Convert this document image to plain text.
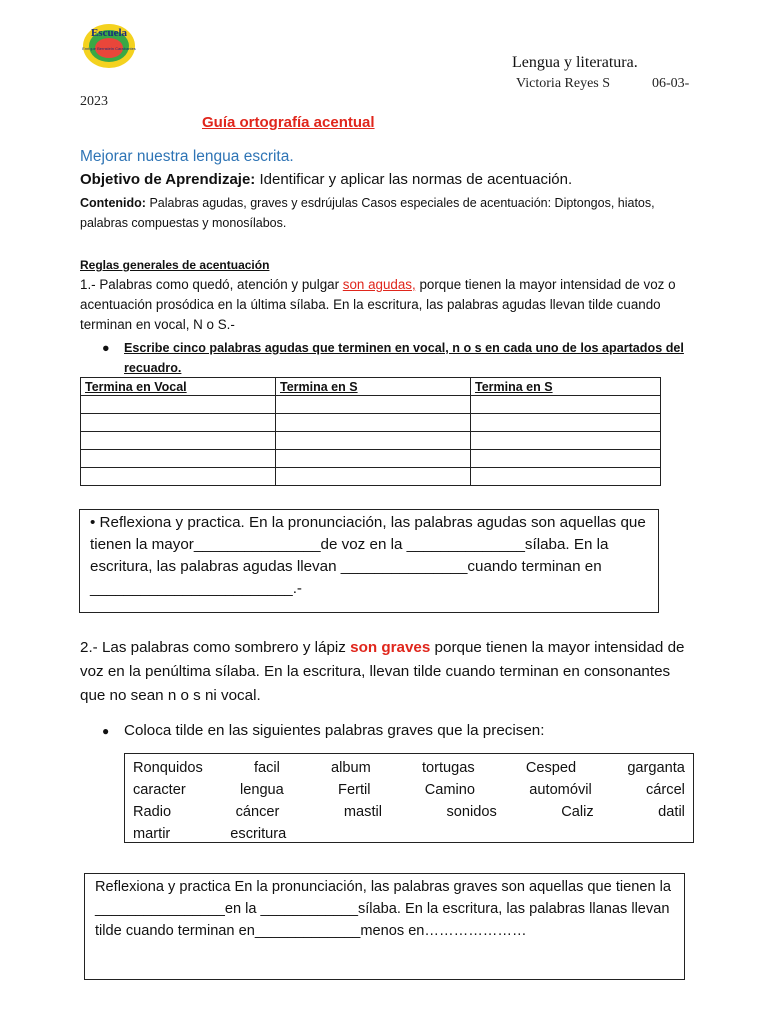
Escuela
Enrique Bernstein Carabantes
Lengua y literatura.
Victoria Reyes S	06-03-
2023
Guía ortografía acentual
Mejorar nuestra lengua escrita.
Objetivo de Aprendizaje: Identificar y aplicar las normas de acentuación.
Contenido: Palabras agudas, graves y esdrújulas Casos especiales de acentuación: Diptongos, hiatos, palabras compuestas y monosílabos.
Reglas generales de acentuación
1.- Palabras como quedó, atención y pulgar son agudas, porque tienen la mayor intensidad de voz o acentuación prosódica en la última sílaba. En la escritura, las palabras agudas llevan tilde cuando terminan en vocal, N o S.-
●	Escribe cinco palabras agudas que terminen en vocal, n o s en cada uno de los apartados del recuadro.
Termina en Vocal	Termina en S	Termina en S

• Reflexiona y practica. En la pronunciación, las palabras agudas son aquellas que tienen la mayor_______________de voz en la ______________sílaba. En la escritura, las palabras agudas llevan _______________cuando terminan en ________________________.-
2.- Las palabras como sombrero y lápiz son graves porque tienen la mayor intensidad de voz en la penúltima sílaba. En la escritura, llevan tilde cuando terminan en consonantes que no sean n o s ni vocal.
● Coloca tilde en las siguientes palabras graves que la precisen:
Ronquidos	facil	album	tortugas	Cesped	garganta
caracter	lengua	Fertil	Camino	automóvil	cárcel
Radio	cáncer	mastil	sonidos	Caliz	datil
martir	escritura
Reflexiona y practica En la pronunciación, las palabras graves son aquellas que tienen la ________________en la ____________sílaba. En la escritura, las palabras llanas llevan tilde cuando terminan en_____________menos en…………………
